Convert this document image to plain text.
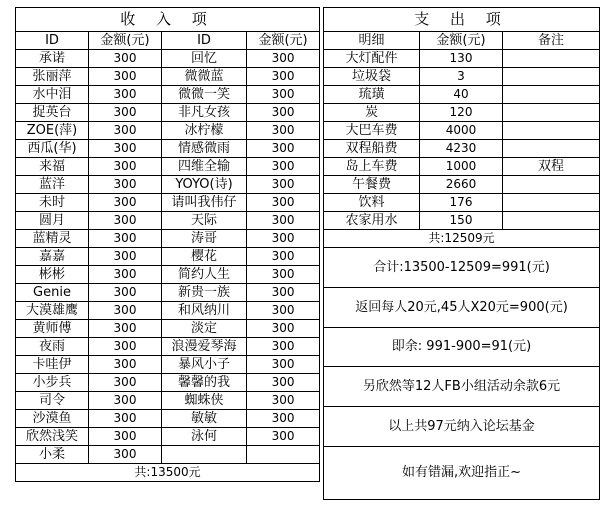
收 入 项			
ID	金额(元)	ID	金额(元)
承诺	300	回忆	300
张丽萍	300	微微蓝	300
水中泪	300	微微一笑	300
捉英台	300	非凡女孩	300
ZOE(萍)	300	冰柠檬	300
西瓜(华)	300	情感微雨	300
来福	300	四维全输	300
蓝洋	300	YOYO(诗)	300
未时	300	请叫我伟仔	300
圆月	300	天际	300
蓝精灵	300	涛哥	300
嘉嘉	300	樱花	300
彬彬	300	简约人生	300
Genie	300	新贵一族	300
大漠雄鹰	300	和风纳川	300
黄师傅	300	淡定	300
夜雨	300	浪漫爱琴海	300
卡哇伊	300	暴风小子	300
小步兵	300	馨馨的我	300
司令	300	蜘蛛侠	300
沙漠鱼	300	敏敏	300
欣然浅笑	300	泳何	300
小柔	300		
共:13500元			
支 出 项		
明细	金额(元)	备注
大灯配件	130	
垃圾袋	3	
琉璜	40	
炭	120	
大巴车费	4000	
双程船费	4230	
岛上车费	1000	双程
午餐费	2660	
饮料	176	
农家用水	150	
共:12509元		
合计:13500-12509=991(元)		
返回每人20元,45人X20元=900(元)		
即余: 991-900=91(元)		
另欣然等12人FB小组活动余款6元		
以上共97元纳入论坛基金		
如有错漏,欢迎指正~		
